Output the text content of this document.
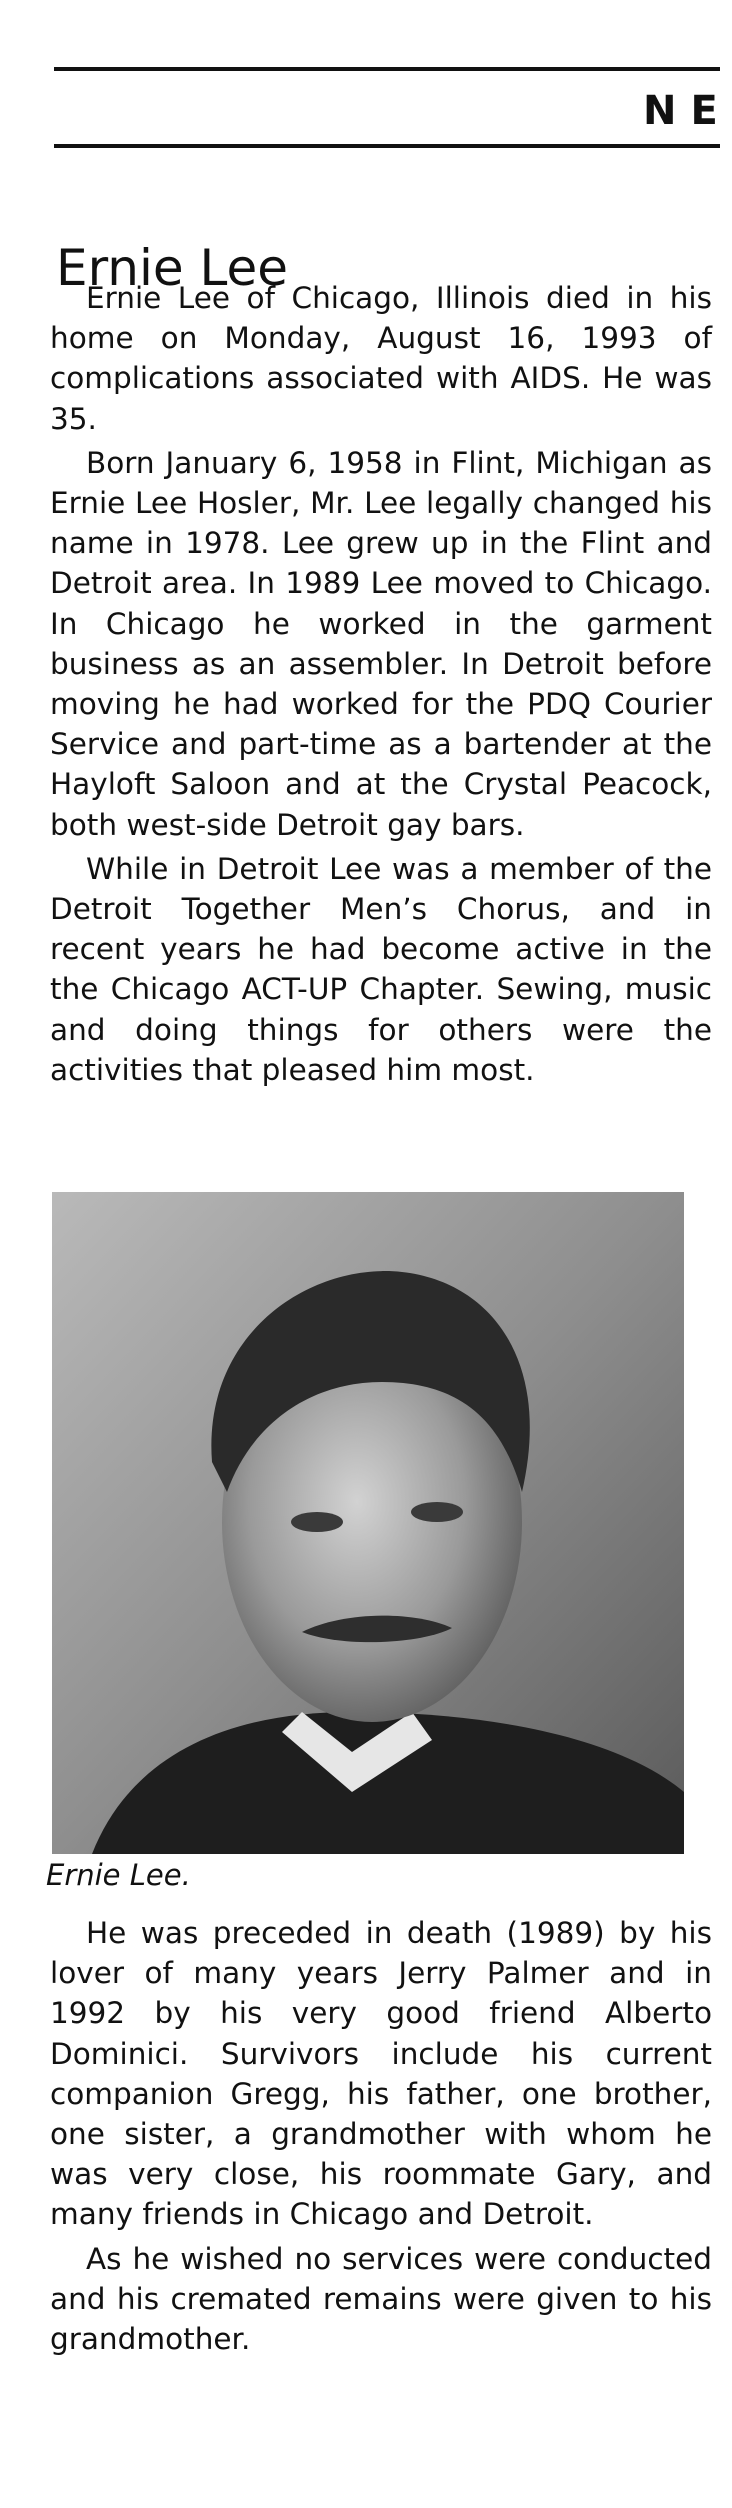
NE
Ernie Lee

Ernie Lee of Chicago, Illinois died in his home on Monday, August 16, 1993 of complications associated with AIDS. He was 35.

Born January 6, 1958 in Flint, Michigan as Ernie Lee Hosler, Mr. Lee legally changed his name in 1978. Lee grew up in the Flint and Detroit area. In 1989 Lee moved to Chicago. In Chicago he worked in the garment business as an assembler. In Detroit before moving he had worked for the PDQ Courier Service and part-time as a bartender at the Hayloft Saloon and at the Crystal Peacock, both west-side Detroit gay bars.

While in Detroit Lee was a member of the Detroit Together Men’s Chorus, and in recent years he had become active in the the Chicago ACT-UP Chapter. Sewing, music and doing things for others were the activities that pleased him most.

Ernie Lee.

He was preceded in death (1989) by his lover of many years Jerry Palmer and in 1992 by his very good friend Alberto Dominici. Survivors include his current companion Gregg, his father, one brother, one sister, a grandmother with whom he was very close, his roommate Gary, and many friends in Chicago and Detroit.

As he wished no services were conducted and his cremated remains were given to his grandmother.
